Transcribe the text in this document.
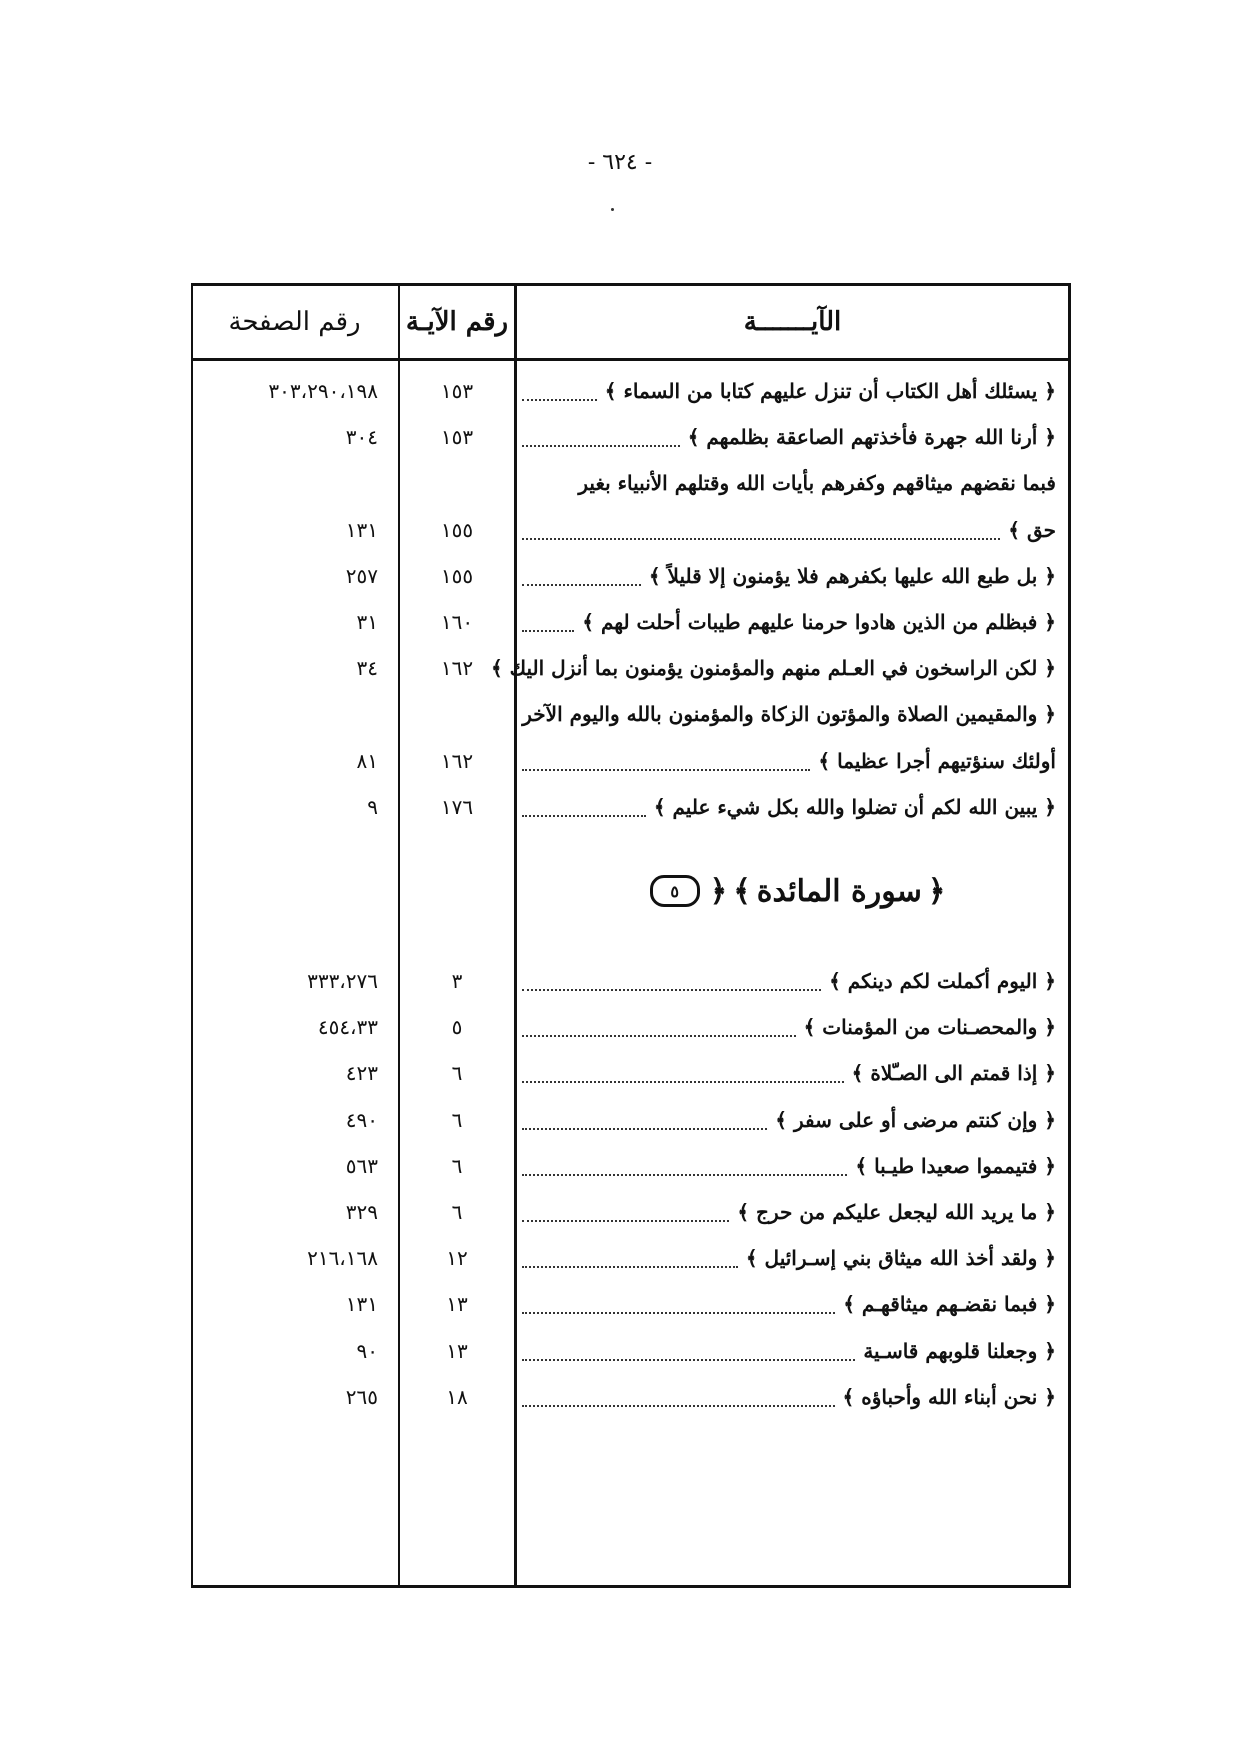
- ٦٢٤ -
الآيـــــــة
رقم الآيـة
رقم الصفحة
﴿ يسئلك أهل الكتاب أن تنزل عليهم كتابا من السماء ﴾
١٥٣
٣٠٣،٢٩٠،١٩٨
﴿ أرنا الله جهرة فأخذتهم الصاعقة بظلمهم ﴾
١٥٣
٣٠٤
فبما نقضهم ميثاقهم وكفرهم بأيات الله وقتلهم الأنبياء بغير
حق ﴾
١٥٥
١٣١
﴿ بل طبع الله عليها بكفرهم فلا يؤمنون إلا قليلاً ﴾
١٥٥
٢٥٧
﴿ فبظلم من الذين هادوا حرمنا عليهم طيبات أحلت لهم ﴾
١٦٠
٣١
﴿ لكن الراسخون في العـلم منهم والمؤمنون يؤمنون بما أنزل اليك ﴾
١٦٢
٣٤
﴿ والمقيمين الصلاة والمؤتون الزكاة والمؤمنون بالله واليوم الآخر
أولئك سنؤتيهم أجرا عظيما ﴾
١٦٢
٨١
﴿ يبين الله لكم أن تضلوا والله بكل شيء عليم ﴾
١٧٦
٩
﴿
سورة المائدة
﴾
﴿
٥
﴿ اليوم أكملت لكم دينكم ﴾
٣
٣٣٣،٢٧٦
﴿ والمحصـنات من المؤمنات ﴾
٥
٤٥٤،٣٣
﴿ إذا قمتم الى الصـّلاة ﴾
٦
٤٢٣
﴿ وإن كنتم مرضى أو على سفر ﴾
٦
٤٩٠
﴿ فتيمموا صعيدا طيـبا ﴾
٦
٥٦٣
﴿ ما يريد الله ليجعل عليكم من حرج ﴾
٦
٣٢٩
﴿ ولقد أخذ الله ميثاق بني إسـرائيل ﴾
١٢
٢١٦،١٦٨
﴿ فبما نقضـهم ميثاقهـم ﴾
١٣
١٣١
﴿ وجعلنا قلوبهم قاسـية
١٣
٩٠
﴿ نحن أبناء الله وأحباؤه ﴾
١٨
٢٦٥
